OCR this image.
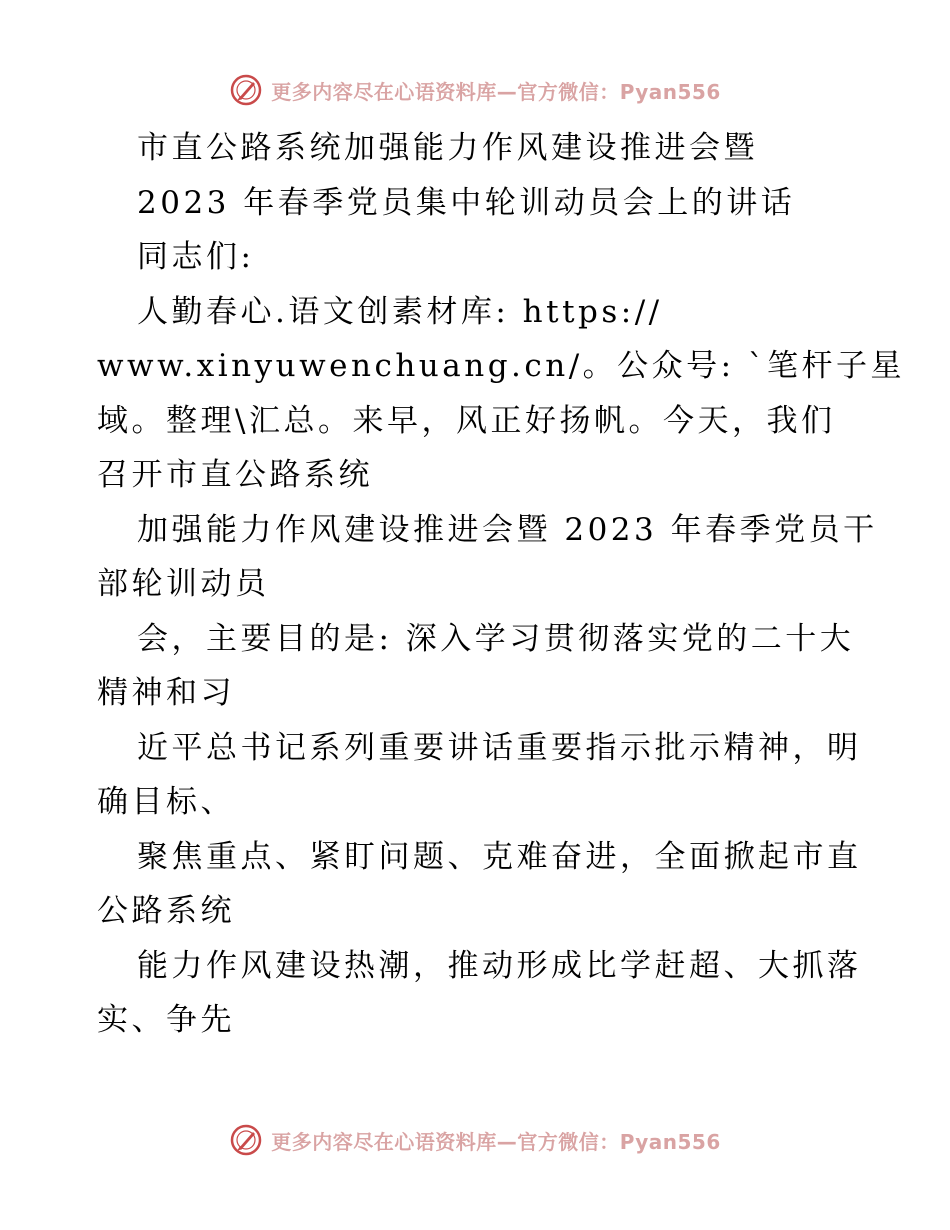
更多内容尽在心语资料库—官方微信：Pyan556
市直公路系统加强能力作风建设推进会暨
2023 年春季党员集中轮训动员会上的讲话
同志们:
人勤春心.语文创素材库: https://
www.xinyuwenchuang.cn/。公众号: `笔杆子星
域。整理\汇总。来早，风正好扬帆。今天，我们
召开市直公路系统
加强能力作风建设推进会暨 2023 年春季党员干
部轮训动员
会，主要目的是: 深入学习贯彻落实党的二十大
精神和习
近平总书记系列重要讲话重要指示批示精神，明
确目标、
聚焦重点、紧盯问题、克难奋进，全面掀起市直
公路系统
能力作风建设热潮，推动形成比学赶超、大抓落
实、争先
更多内容尽在心语资料库—官方微信：Pyan556
